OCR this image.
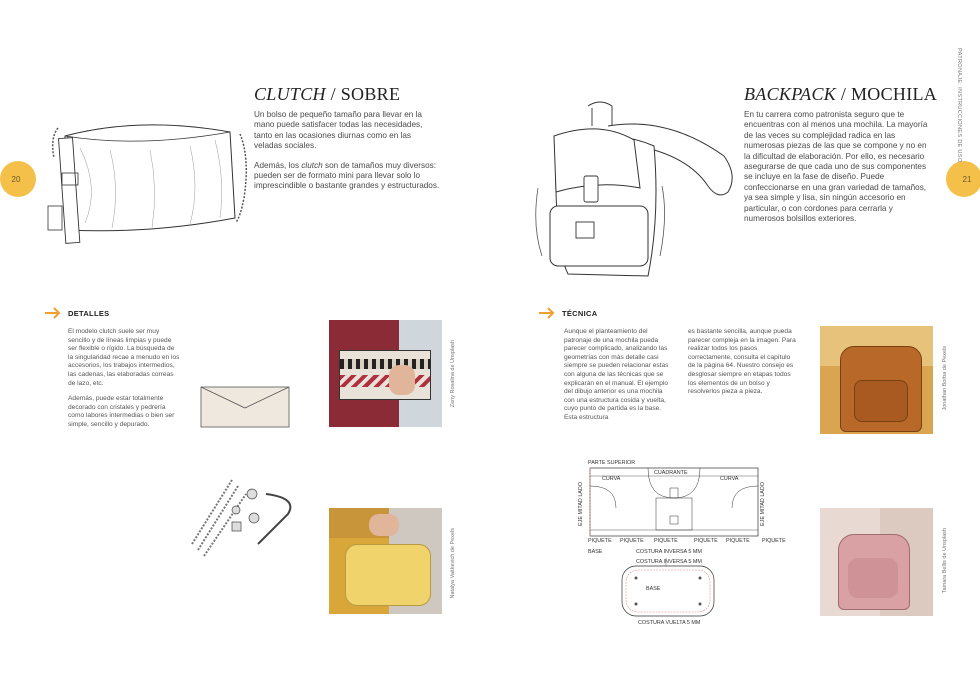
20
CLUTCH / SOBRE

Un bolso de pequeño tamaño para llevar en la mano puede satisfacer todas las necesidades, tanto en las ocasiones diurnas como en las veladas sociales.

Además, los clutch son de tamaños muy diversos: pueden ser de formato mini para llevar solo lo imprescindible o bastante grandes y estructurados.

DETALLES

El modelo clutch suele ser muy sencillo y de líneas limpias y puede ser flexible o rígido. La búsqueda de la singularidad recae a menudo en los accesorios, los trabajos intermedios, las cadenas, las elaboradas correas de lazo, etc.

Además, puede estar totalmente decorado con cristales y pedrería como labores intermedias o bien ser simple, sencillo y depurado.

Zeny Rosalina de Unsplash
Natalya Vaitkevich de Pexels
21
PATRONAJE: INSTRUCCIONES DE USO
BACKPACK / MOCHILA
En tu carrera como patronista seguro que te encuentras con al menos una mochila. La mayoría de las veces su complejidad radica en las numerosas piezas de las que se compone y no en la dificultad de elaboración. Por ello, es necesario asegurarse de que cada uno de sus componentes se incluye en la fase de diseño. Puede confeccionarse en una gran variedad de tamaños, ya sea simple y lisa, sin ningún accesorio en particular, o con cordones para cerrarla y numerosos bolsillos exteriores.
TÉCNICA
Aunque el planteamiento del patronaje de una mochila pueda parecer complicado, analizando las geometrías con más detalle casi siempre se pueden relacionar estas con alguna de las técnicas que se explicarán en el manual. El ejemplo del dibujo anterior es una mochila con una estructura cosida y vuelta, cuyo punto de partida es la base. Esta estructura
es bastante sencilla, aunque pueda parecer compleja en la imagen. Para realizar todos los pasos correctamente, consulta el capítulo de la página 64. Nuestro consejo es desglosar siempre en etapas todos los elementos de un bolso y resolverlos pieza a pieza.
PARTE SUPERIOR
CUADRANTE
CURVA	CURVA
EJE MITAD LADO	EJE MITAD LADO
PIQUETE PIQUETE PIQUETE	PIQUETE PIQUETE PIQUETE
BASE	COSTURA INVERSA 5 MM
COSTURA INVERSA 5 MM
BASE
COSTURA VUELTA 5 MM
Jonathan Borba de Pexels
Tamara Bellis de Unsplash
